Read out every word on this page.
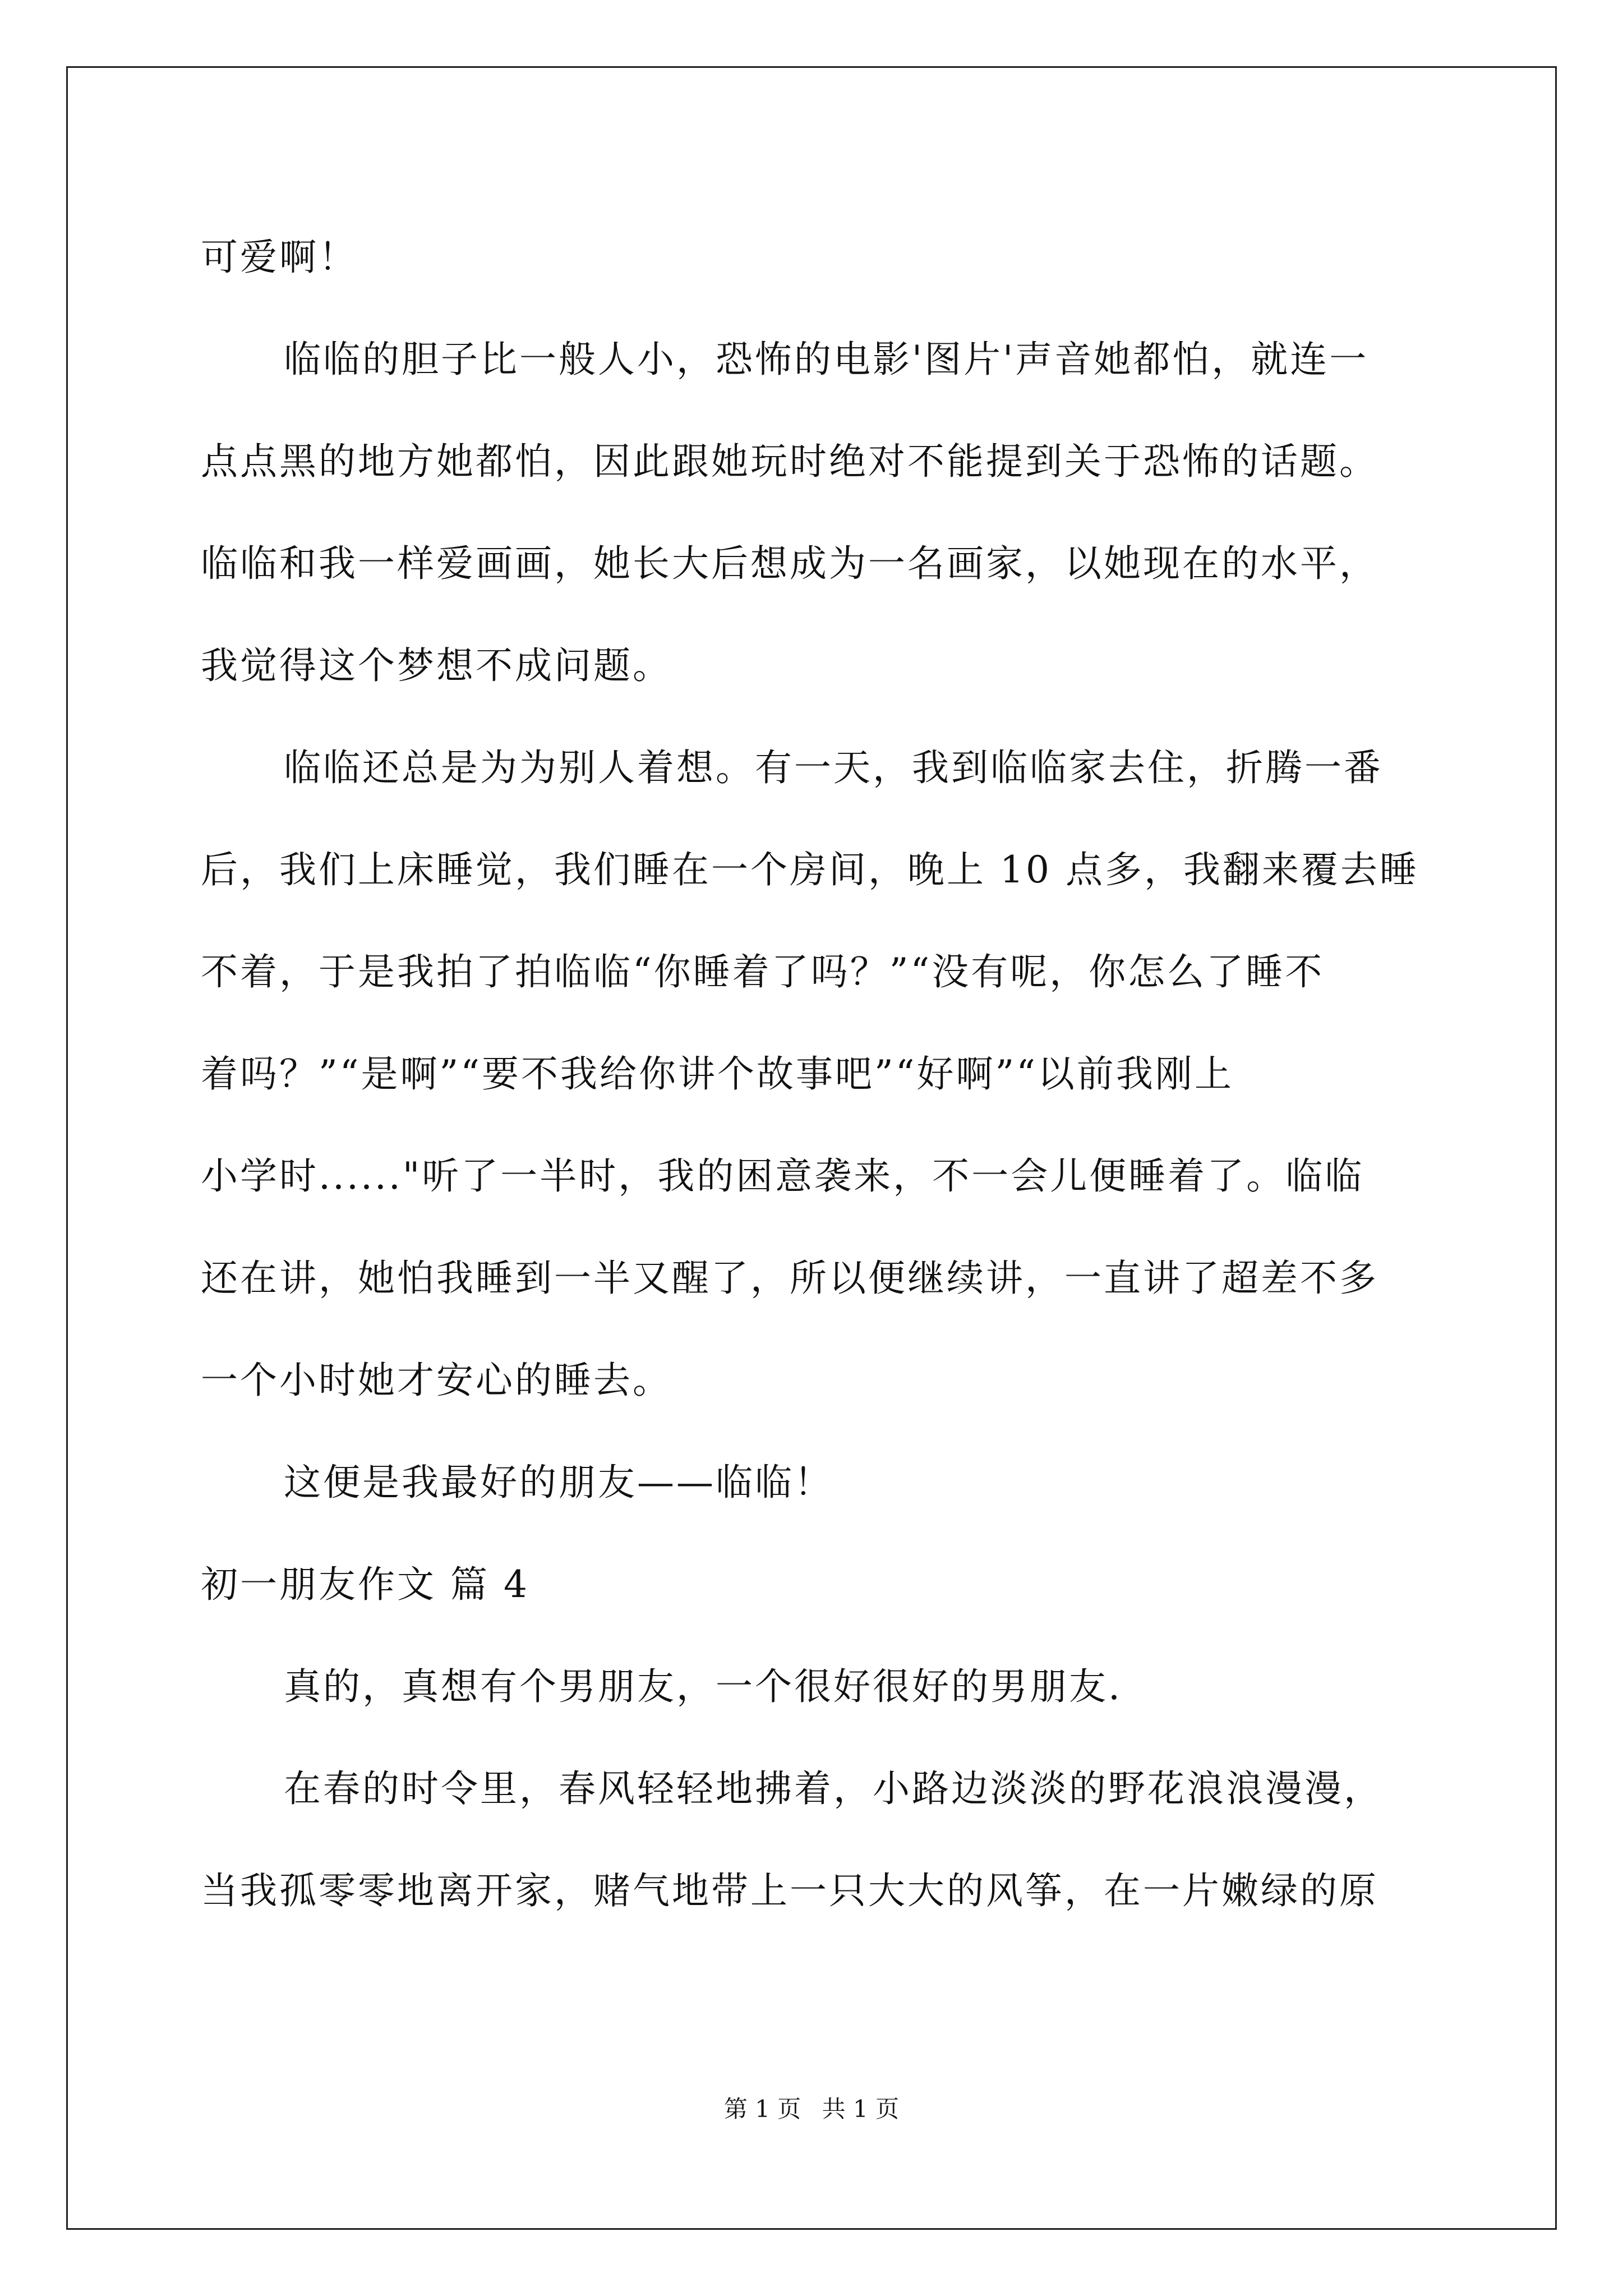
可爱啊！
临临的胆子比一般人小，恐怖的电影'图片'声音她都怕，就连一
点点黑的地方她都怕，因此跟她玩时绝对不能提到关于恐怖的话题。
临临和我一样爱画画，她长大后想成为一名画家，以她现在的水平，
我觉得这个梦想不成问题。
临临还总是为为别人着想。有一天，我到临临家去住，折腾一番
后，我们上床睡觉，我们睡在一个房间，晚上 10 点多，我翻来覆去睡
不着，于是我拍了拍临临“你睡着了吗？”“没有呢，你怎么了睡不
着吗？”“是啊”“要不我给你讲个故事吧”“好啊”“以前我刚上
小学时......"听了一半时，我的困意袭来，不一会儿便睡着了。临临
还在讲，她怕我睡到一半又醒了，所以便继续讲，一直讲了超差不多
一个小时她才安心的睡去。
这便是我最好的朋友——临临！
初一朋友作文 篇 4
真的，真想有个男朋友，一个很好很好的男朋友.
在春的时令里，春风轻轻地拂着，小路边淡淡的野花浪浪漫漫，
当我孤零零地离开家，赌气地带上一只大大的风筝，在一片嫩绿的原
第 1 页 共 1 页
